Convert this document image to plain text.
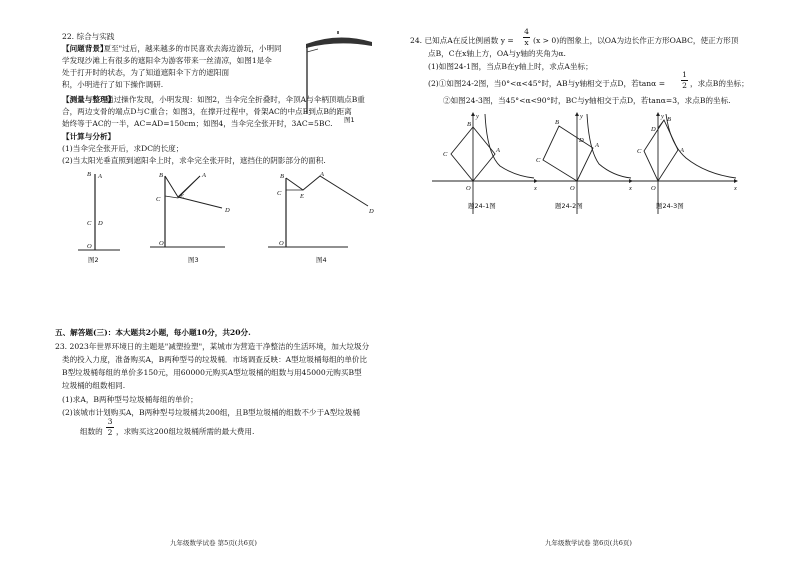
22. 综合与实践
【问题背景】
"夏至"过后，越来越多的市民喜欢去海边游玩，小明同
学发现沙滩上有很多的遮阳伞为游客带来一丝清凉，如图1是伞
处于打开时的状态，为了知道遮阳伞下方的遮阳面
积，小明进行了如下操作调研.
【测量与整理】
通过操作发现，小明发现：如图2，当伞完全折叠时，伞顶A与伞柄顶端点B重
合，两边支骨的端点D与C重合；如图3，在撑开过程中，骨架AC的中点E到点B的距离
始终等于AC的一半，AC=AD=150cm；如图4，当伞完全张开时，3AC=5BC.
【计算与分析】
(1)当伞完全张开后，求DC的长度；
(2)当太阳光垂直照到遮阳伞上时，求伞完全张开时，遮挡住的阴影部分的面积.
图1
B A
C D
O
图2
B	A
C	E
D
O
图3
B	A
C	E
D
O
图4
五、解答题(三)：本大题共2小题，每小题10分，共20分.
23. 2023年世界环境日的主题是"减塑捡塑"，某城市为营造干净整洁的生活环境，加大垃圾分
类的投入力度，准备购买A，B两种型号的垃圾桶．市场调查反映：A型垃圾桶每组的单价比
B型垃圾桶每组的单价多150元，用60000元购买A型垃圾桶的组数与用45000元购买B型
垃圾桶的组数相同.
(1)求A，B两种型号垃圾桶每组的单价；
(2)该城市计划购买A，B两种型号垃圾桶共200组，且B型垃圾桶的组数不少于A型垃圾桶
组数的
3
2 ，求购买这200组垃圾桶所需的最大费用.
九年级数学试卷 第5页(共6页)
24. 已知点A在反比例函数 y =
4
x (x > 0)的图象上，以OA为边长作正方形OABC，使正方形顶
点B，C在x轴上方，OA与y轴的夹角为α.
(1)如图24-1图，当点B在y轴上时，求点A坐标；
(2)①如图24-2图，当0°<α<45°时，AB与y轴相交于点D，若tanα =
1
2 ，求点B的坐标；
②如图24-3图，当45°<α<90°时，BC与y轴相交于点D，若tanα=3，求点B的坐标.
y
B
C
A
O	x
题24-1图
y
B
D
C
A
O	x
题24-2图
y
D
B
C	A
O	x
题24-3图
九年级数学试卷 第6页(共6页)
